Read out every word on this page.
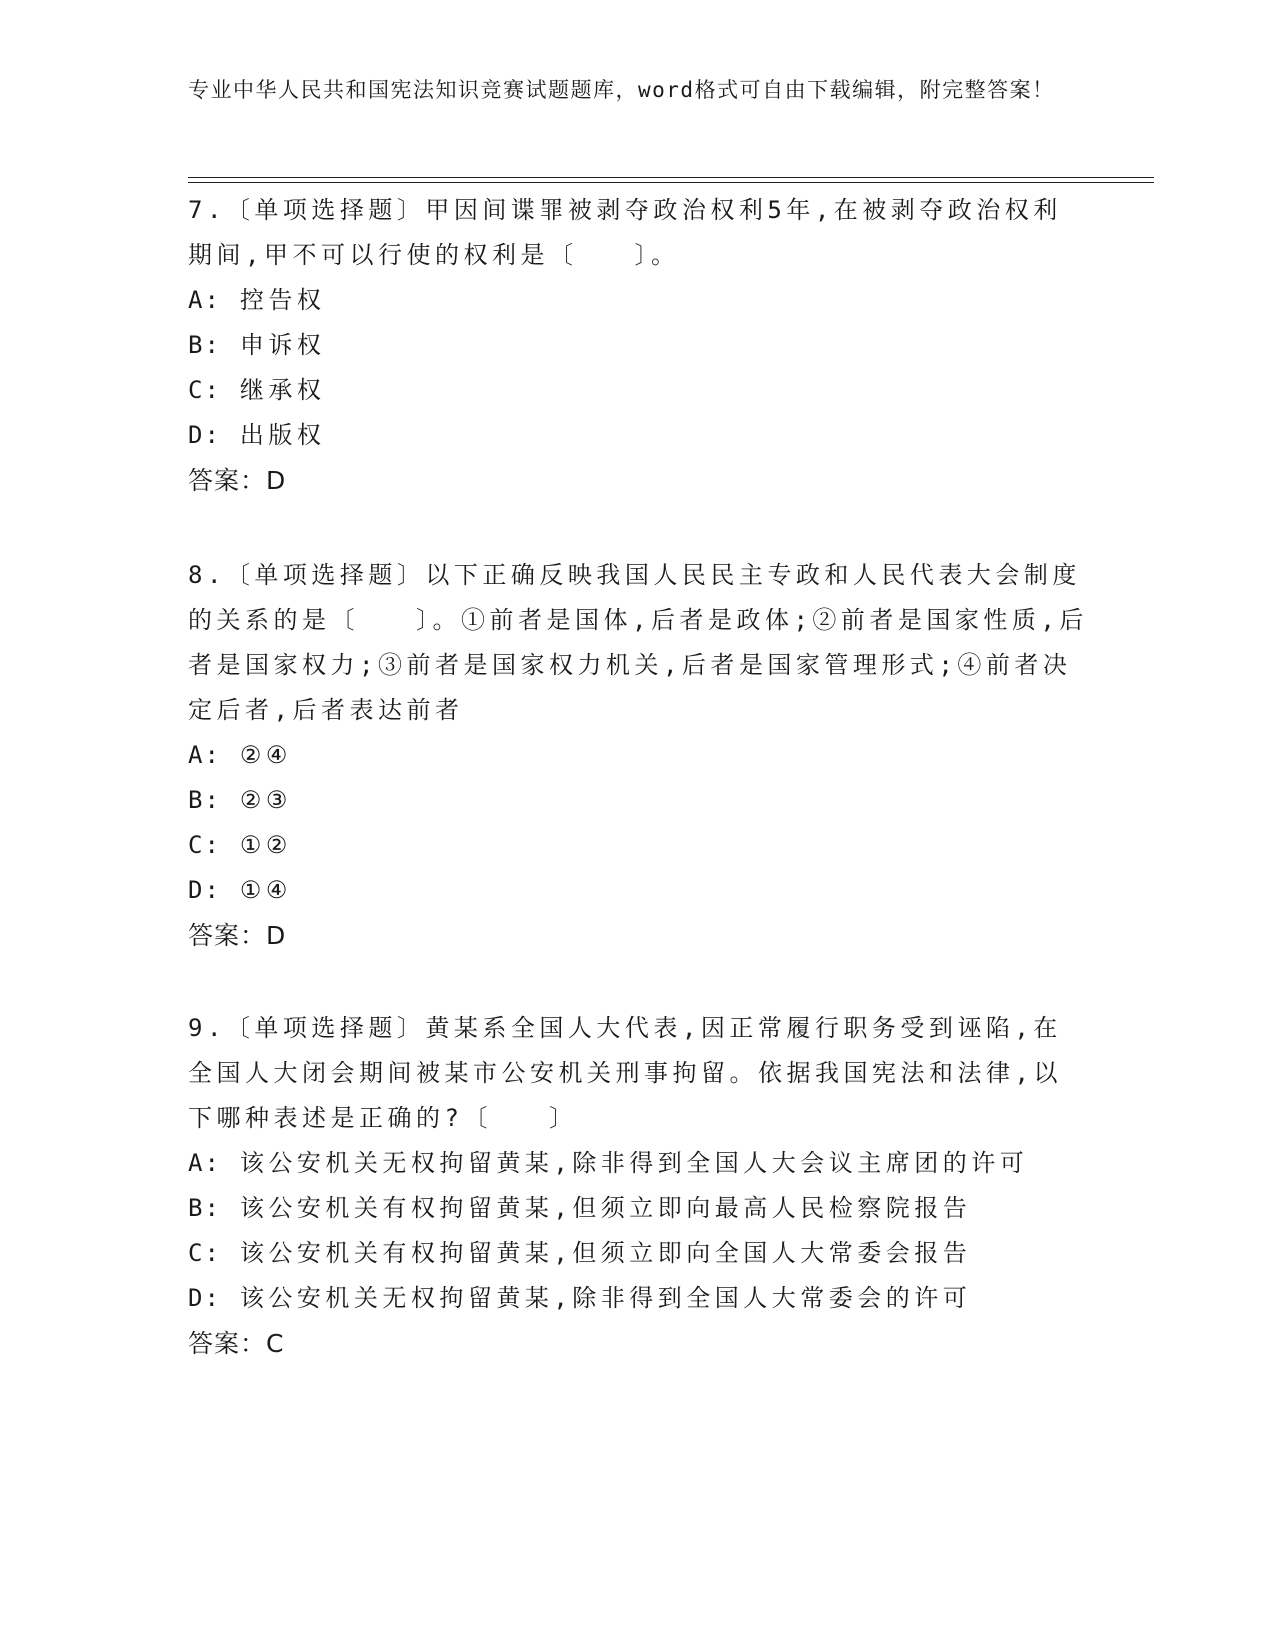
专业中华人民共和国宪法知识竞赛试题题库，word格式可自由下载编辑，附完整答案！

7.〔单项选择题〕甲因间谍罪被剥夺政治权利5年,在被剥夺政治权利期间,甲不可以行使的权利是〔　　〕。

A: 控告权

B: 申诉权

C: 继承权

D: 出版权

答案：D

8.〔单项选择题〕以下正确反映我国人民民主专政和人民代表大会制度的关系的是〔　　〕。①前者是国体,后者是政体;②前者是国家性质,后者是国家权力;③前者是国家权力机关,后者是国家管理形式;④前者决定后者,后者表达前者

A: ②④

B: ②③

C: ①②

D: ①④

答案：D

9.〔单项选择题〕黄某系全国人大代表,因正常履行职务受到诬陷,在全国人大闭会期间被某市公安机关刑事拘留。依据我国宪法和法律,以下哪种表述是正确的?〔　　〕

A: 该公安机关无权拘留黄某,除非得到全国人大会议主席团的许可

B: 该公安机关有权拘留黄某,但须立即向最高人民检察院报告

C: 该公安机关有权拘留黄某,但须立即向全国人大常委会报告

D: 该公安机关无权拘留黄某,除非得到全国人大常委会的许可

答案：C
